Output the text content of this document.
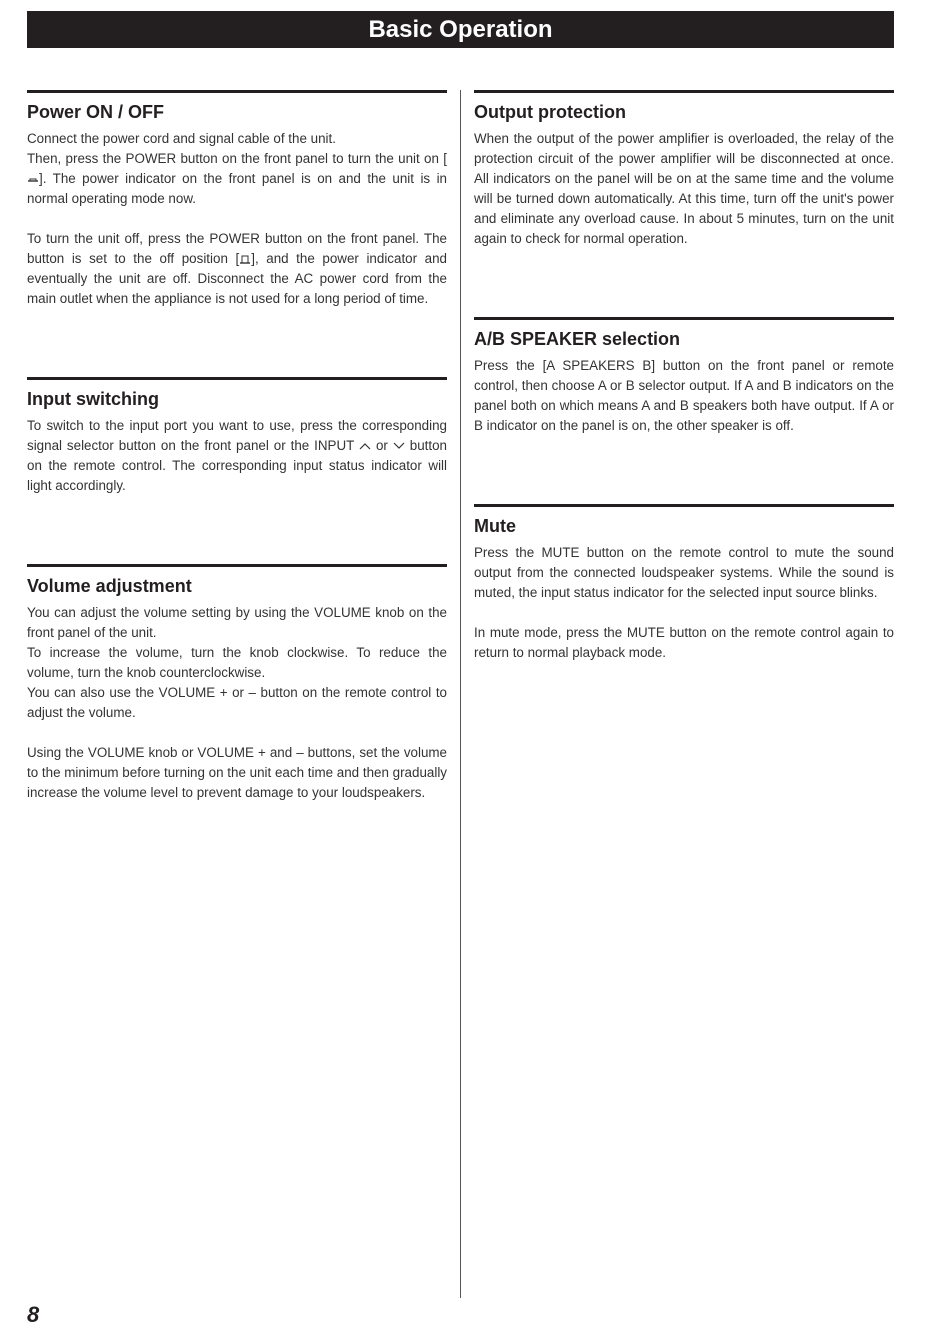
Basic Operation
Power ON / OFF

Connect the power cord and signal cable of the unit.
Then, press the POWER button on the front panel to turn the unit on [
]. The power indicator on the front panel is on and the unit is in normal operating mode now.

To turn the unit off, press the POWER button on the front panel. The button is set to the off position [ ], and the power indicator and eventually the unit are off. Disconnect the AC power cord from the main outlet when the appliance is not used for a long period of time.

Input switching

To switch to the input port you want to use, press the corresponding signal selector button on the front panel or the INPUT
or
button on the remote control. The corresponding input status indicator will light accordingly.

Volume adjustment

You can adjust the volume setting by using the VOLUME knob on the front panel of the unit.
To increase the volume, turn the knob clockwise. To reduce the volume, turn the knob counterclockwise.
You can also use the VOLUME + or – button on the remote control to adjust the volume.

Using the VOLUME knob or VOLUME + and – buttons, set the volume to the minimum before turning on the unit each time and then gradually increase the volume level to prevent damage to your loudspeakers.

Output protection

When the output of the power amplifier is overloaded, the relay of the protection circuit of the power amplifier will be disconnected at once. All indicators on the panel will be on at the same time and the volume will be turned down automatically. At this time, turn off the unit's power and eliminate any overload cause. In about 5 minutes, turn on the unit again to check for normal operation.

A/B SPEAKER selection

Press the [A SPEAKERS B] button on the front panel or remote control, then choose A or B selector output. If A and B indicators on the panel both on which means A and B speakers both have output. If A or B indicator on the panel is on, the other speaker is off.

Mute

Press the MUTE button on the remote control to mute the sound output from the connected loudspeaker systems. While the sound is muted, the input status indicator for the selected input source blinks.

In mute mode, press the MUTE button on the remote control again to return to normal playback mode.

8
